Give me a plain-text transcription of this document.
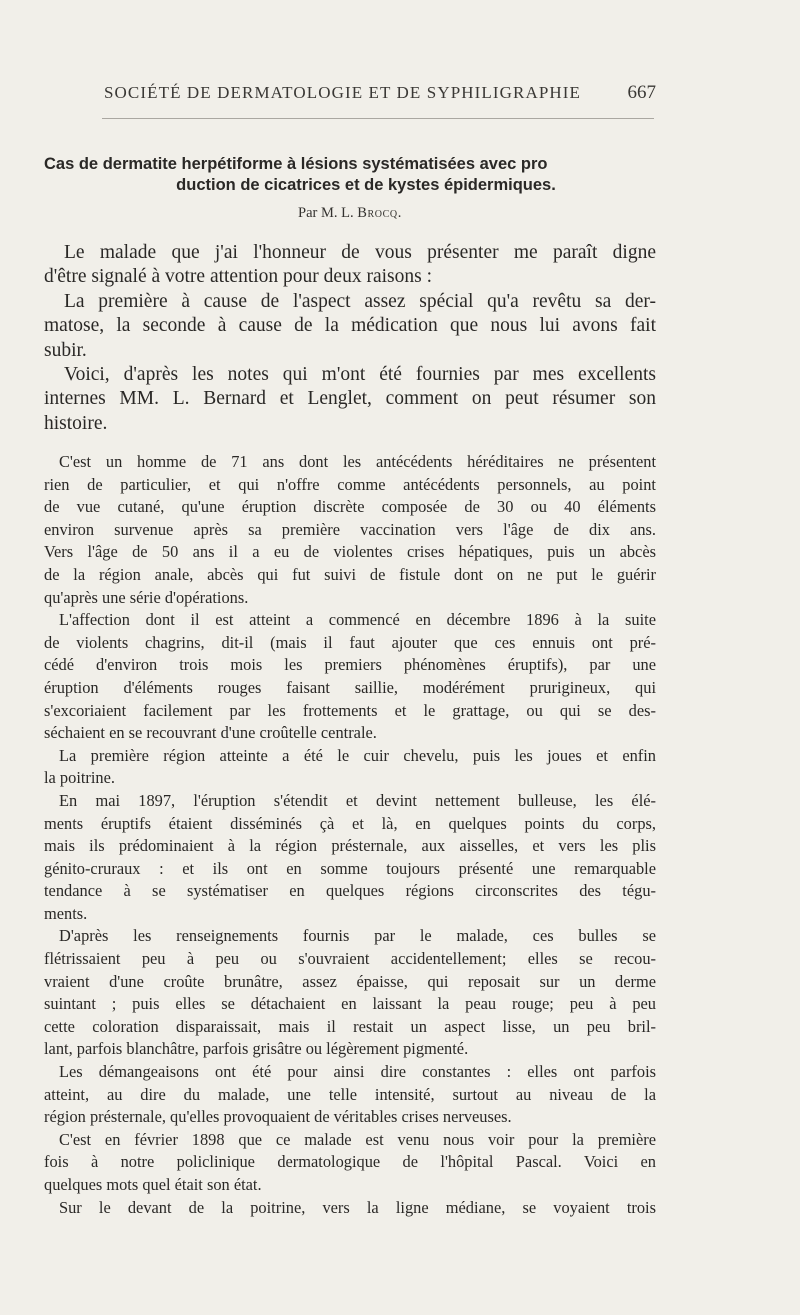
SOCIÉTÉ DE DERMATOLOGIE ET DE SYPHILIGRAPHIE 667
Cas de dermatite herpétiforme à lésions systématisées avec pro
duction de cicatrices et de kystes épidermiques.
Par M. L. Brocq.
Le malade que j'ai l'honneur de vous présenter me paraît digne
d'être signalé à votre attention pour deux raisons :
La première à cause de l'aspect assez spécial qu'a revêtu sa der-
matose, la seconde à cause de la médication que nous lui avons fait
subir.
Voici, d'après les notes qui m'ont été fournies par mes excellents
internes MM. L. Bernard et Lenglet, comment on peut résumer son
histoire.
C'est un homme de 71 ans dont les antécédents héréditaires ne présentent
rien de particulier, et qui n'offre comme antécédents personnels, au point
de vue cutané, qu'une éruption discrète composée de 30 ou 40 éléments
environ survenue après sa première vaccination vers l'âge de dix ans.
Vers l'âge de 50 ans il a eu de violentes crises hépatiques, puis un abcès
de la région anale, abcès qui fut suivi de fistule dont on ne put le guérir
qu'après une série d'opérations.
L'affection dont il est atteint a commencé en décembre 1896 à la suite
de violents chagrins, dit-il (mais il faut ajouter que ces ennuis ont pré-
cédé d'environ trois mois les premiers phénomènes éruptifs), par une
éruption d'éléments rouges faisant saillie, modérément prurigineux, qui
s'excoriaient facilement par les frottements et le grattage, ou qui se des-
séchaient en se recouvrant d'une croûtelle centrale.
La première région atteinte a été le cuir chevelu, puis les joues et enfin
la poitrine.
En mai 1897, l'éruption s'étendit et devint nettement bulleuse, les élé-
ments éruptifs étaient disséminés çà et là, en quelques points du corps,
mais ils prédominaient à la région présternale, aux aisselles, et vers les plis
génito-cruraux : et ils ont en somme toujours présenté une remarquable
tendance à se systématiser en quelques régions circonscrites des tégu-
ments.
D'après les renseignements fournis par le malade, ces bulles se
flétrissaient peu à peu ou s'ouvraient accidentellement; elles se recou-
vraient d'une croûte brunâtre, assez épaisse, qui reposait sur un derme
suintant ; puis elles se détachaient en laissant la peau rouge; peu à peu
cette coloration disparaissait, mais il restait un aspect lisse, un peu bril-
lant, parfois blanchâtre, parfois grisâtre ou légèrement pigmenté.
Les démangeaisons ont été pour ainsi dire constantes : elles ont parfois
atteint, au dire du malade, une telle intensité, surtout au niveau de la
région présternale, qu'elles provoquaient de véritables crises nerveuses.
C'est en février 1898 que ce malade est venu nous voir pour la première
fois à notre policlinique dermatologique de l'hôpital Pascal. Voici en
quelques mots quel était son état.
Sur le devant de la poitrine, vers la ligne médiane, se voyaient trois
